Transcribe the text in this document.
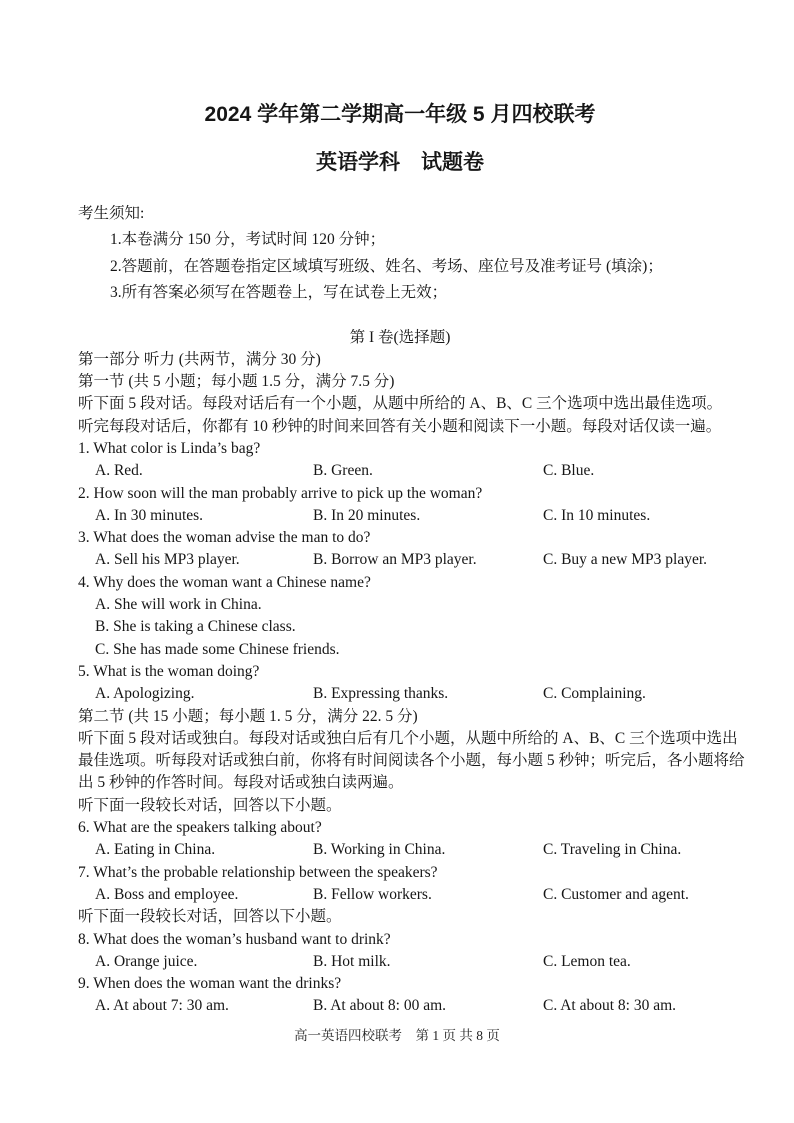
2024 学年第二学期高一年级 5 月四校联考
英语学科　试题卷
考生须知:
1.本卷满分 150 分，考试时间 120 分钟；
2.答题前，在答题卷指定区域填写班级、姓名、考场、座位号及准考证号 (填涂)；
3.所有答案必须写在答题卷上，写在试卷上无效；
第 I 卷(选择题)
第一部分 听力 (共两节，满分 30 分)
第一节 (共 5 小题；每小题 1.5 分，满分 7.5 分)
听下面 5 段对话。每段对话后有一个小题，从题中所给的 A、B、C 三个选项中选出最佳选项。
听完每段对话后，你都有 10 秒钟的时间来回答有关小题和阅读下一小题。每段对话仅读一遍。
1. What color is Linda’s bag?
A. Red.	B. Green.	C. Blue.
2. How soon will the man probably arrive to pick up the woman?
A. In 30 minutes.	B. In 20 minutes.	C. In 10 minutes.
3. What does the woman advise the man to do?
A. Sell his MP3 player.	B. Borrow an MP3 player.	C. Buy a new MP3 player.
4. Why does the woman want a Chinese name?
A. She will work in China.
B. She is taking a Chinese class.
C. She has made some Chinese friends.
5. What is the woman doing?
A. Apologizing.	B. Expressing thanks.	C. Complaining.
第二节 (共 15 小题；每小题 1. 5 分，满分 22. 5 分)
听下面 5 段对话或独白。每段对话或独白后有几个小题，从题中所给的 A、B、C 三个选项中选出
最佳选项。听每段对话或独白前，你将有时间阅读各个小题，每小题 5 秒钟；听完后，各小题将给
出 5 秒钟的作答时间。每段对话或独白读两遍。
听下面一段较长对话，回答以下小题。
6. What are the speakers talking about?
A. Eating in China.	B. Working in China.	C. Traveling in China.
7. What’s the probable relationship between the speakers?
A. Boss and employee.	B. Fellow workers.	C. Customer and agent.
听下面一段较长对话，回答以下小题。
8. What does the woman’s husband want to drink?
A. Orange juice.	B. Hot milk.	C. Lemon tea.
9. When does the woman want the drinks?
A. At about 7: 30 am.	B. At about 8: 00 am.	C. At about 8: 30 am.
高一英语四校联考　第 1 页 共 8 页
